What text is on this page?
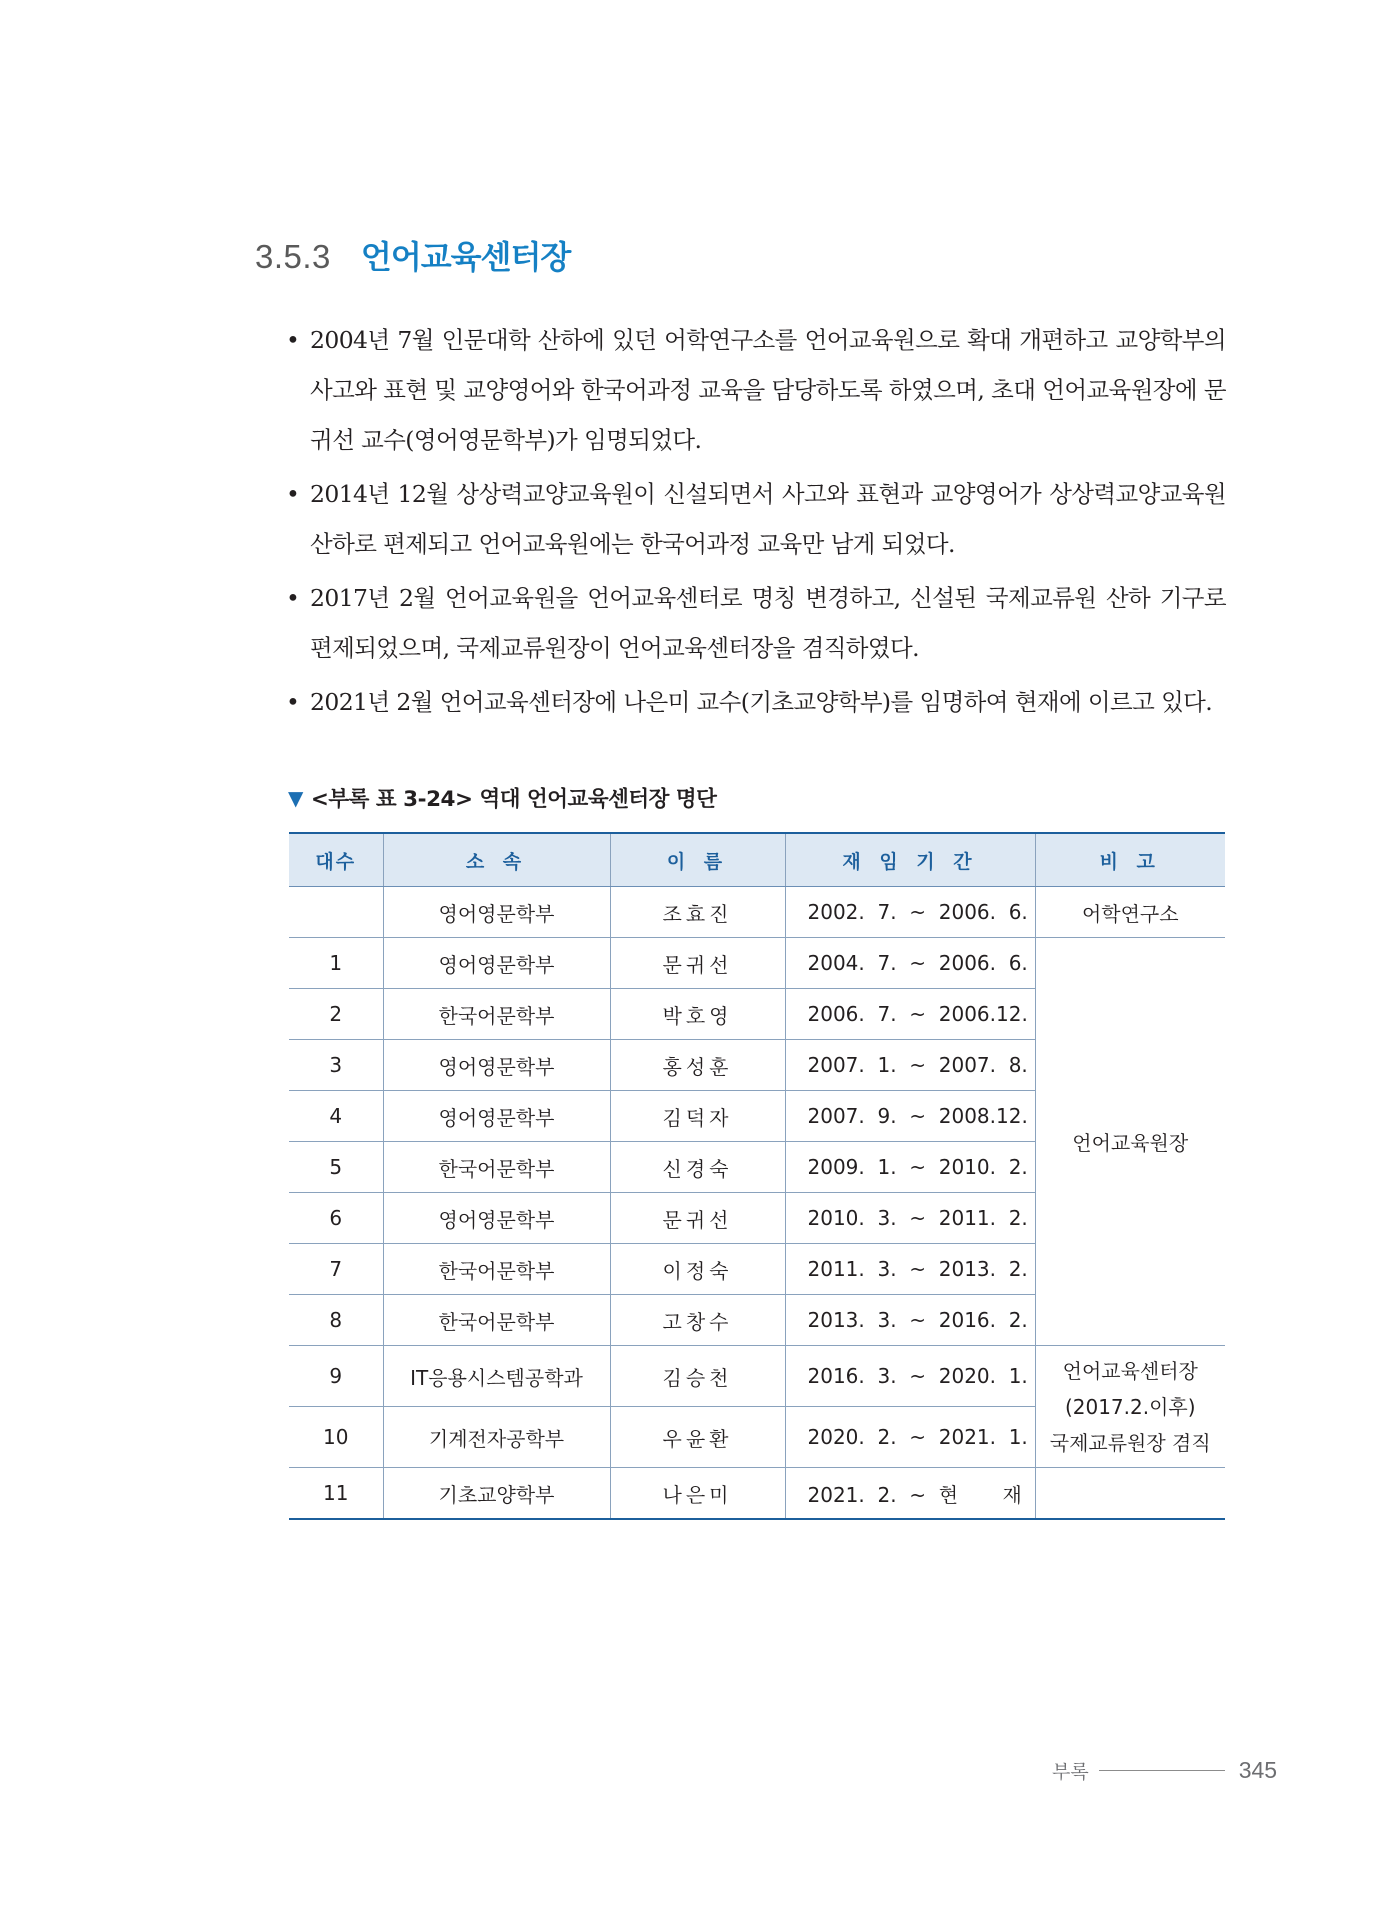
3.5.3 언어교육센터장
• 2004년 7월 인문대학 산하에 있던 어학연구소를 언어교육원으로 확대 개편하고 교양학부의 사고와 표현 및 교양영어와 한국어과정 교육을 담당하도록 하였으며, 초대 언어교육원장에 문귀선 교수(영어영문학부)가 임명되었다.
• 2014년 12월 상상력교양교육원이 신설되면서 사고와 표현과 교양영어가 상상력교양교육원 산하로 편제되고 언어교육원에는 한국어과정 교육만 남게 되었다.
• 2017년 2월 언어교육원을 언어교육센터로 명칭 변경하고, 신설된 국제교류원 산하 기구로 편제되었으며, 국제교류원장이 언어교육센터장을 겸직하였다.
• 2021년 2월 언어교육센터장에 나은미 교수(기초교양학부)를 임명하여 현재에 이르고 있다.
▼ <부록 표 3-24> 역대 언어교육센터장 명단
대수	소 속	이 름	재 임 기 간	비 고
	영어영문학부	조효진	2002.  7.  ~  2006.  6.	어학연구소
1	영어영문학부	문귀선	2004.  7.  ~  2006.  6.	언어교육원장
2	한국어문학부	박호영	2006.  7.  ~  2006.12.	
3	영어영문학부	홍성훈	2007.  1.  ~  2007.  8.	
4	영어영문학부	김덕자	2007.  9.  ~  2008.12.	
5	한국어문학부	신경숙	2009.  1.  ~  2010.  2.	
6	영어영문학부	문귀선	2010.  3.  ~  2011.  2.	
7	한국어문학부	이정숙	2011.  3.  ~  2013.  2.	
8	한국어문학부	고창수	2013.  3.  ~  2016.  2.	
9	IT응용시스템공학과	김승천	2016.  3.  ~  2020.  1.	언어교육센터장
(2017.2.이후)
국제교류원장 겸직

10	기계전자공학부	우윤환	2020.  2.  ~  2021.  1.	
11	기초교양학부	나은미	2021.  2.  ~  현       재	
부록	345
